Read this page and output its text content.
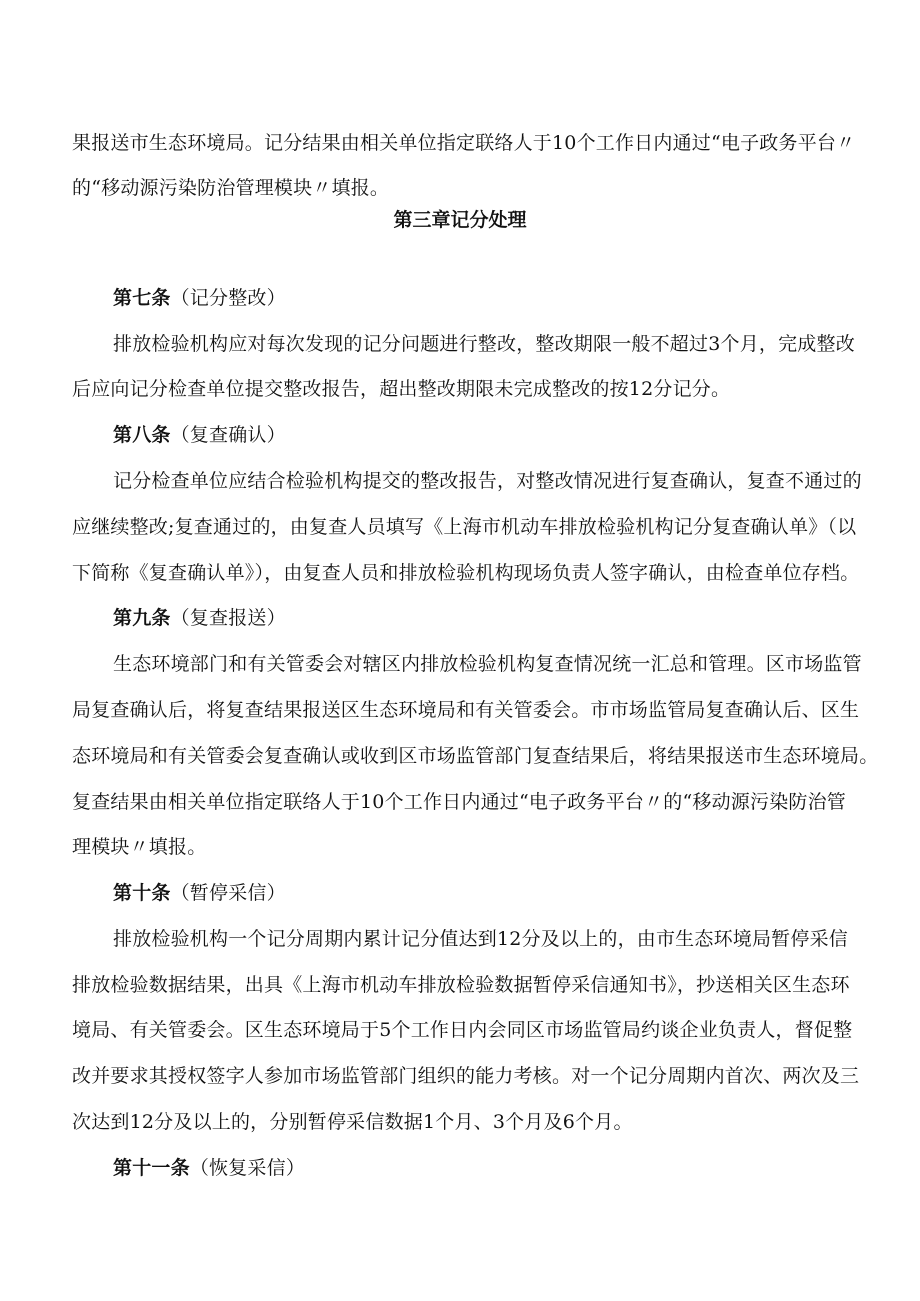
果报送市生态环境局。记分结果由相关单位指定联络人于10个工作日内通过“电子政务平台〃
的“移动源污染防治管理模块〃填报。
第三章记分处理
第七条（记分整改）
排放检验机构应对每次发现的记分问题进行整改，整改期限一般不超过3个月，完成整改
后应向记分检查单位提交整改报告，超出整改期限未完成整改的按12分记分。
第八条（复查确认）
记分检查单位应结合检验机构提交的整改报告，对整改情况进行复查确认，复查不通过的
应继续整改;复查通过的，由复查人员填写《上海市机动车排放检验机构记分复查确认单》（以
下简称《复查确认单》），由复查人员和排放检验机构现场负责人签字确认，由检查单位存档。
第九条（复查报送）
生态环境部门和有关管委会对辖区内排放检验机构复查情况统一汇总和管理。区市场监管
局复查确认后，将复查结果报送区生态环境局和有关管委会。市市场监管局复查确认后、区生
态环境局和有关管委会复查确认或收到区市场监管部门复查结果后，将结果报送市生态环境局。
复查结果由相关单位指定联络人于10个工作日内通过“电子政务平台〃的“移动源污染防治管
理模块〃填报。
第十条（暂停采信）
排放检验机构一个记分周期内累计记分值达到12分及以上的，由市生态环境局暂停采信
排放检验数据结果，出具《上海市机动车排放检验数据暂停采信通知书》，抄送相关区生态环
境局、有关管委会。区生态环境局于5个工作日内会同区市场监管局约谈企业负责人，督促整
改并要求其授权签字人参加市场监管部门组织的能力考核。对一个记分周期内首次、两次及三
次达到12分及以上的，分别暂停采信数据1个月、3个月及6个月。
第十一条（恢复采信）
